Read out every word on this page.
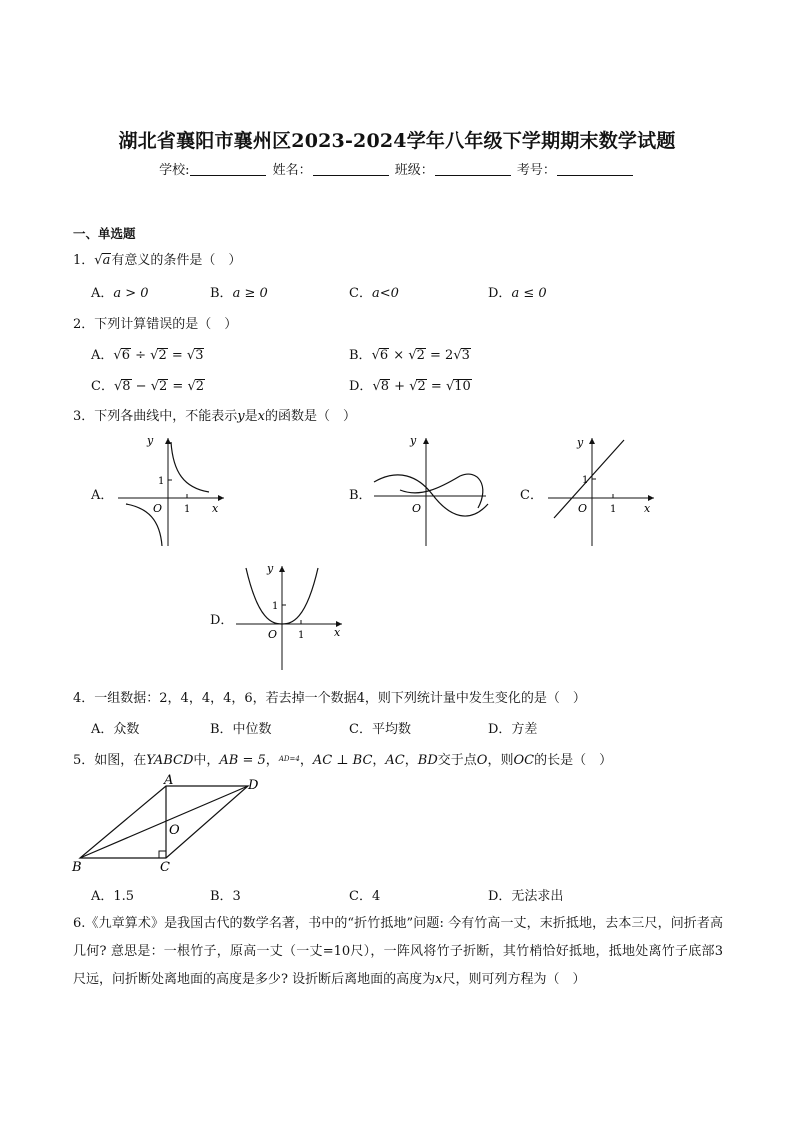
湖北省襄阳市襄州区2023-2024学年八年级下学期期末数学试题
学校:	姓名：	班级：	考号：
一、单选题
1．√a有意义的条件是（　）
A．a > 0	B．a ≥ 0	C．a<0	D．a ≤ 0
2．下列计算错误的是（　）
A．√6 ÷ √2 = √3	B．√6 × √2 = 2√3
C．√8 − √2 = √2	D．√8 + √2 = √10
3．下列各曲线中，不能表示y是x的函数是（　）
A．
y
x
O 1
1
B．
y
O
C．
y
x
O 1
1
D．
y
x
O 1
1
4．一组数据：2，4，4，4，6，若去掉一个数据4，则下列统计量中发生变化的是（　）
A．众数	B．中位数	C．平均数	D．方差
5．如图，在YABCD中，AB = 5，$^{AD=4}$，AC ⊥ BC，AC，BD交于点O，则OC的长是（　）
A	D
B	C
O
A．1.5	B．3	C．4	D．无法求出
6.《九章算术》是我国古代的数学名著，书中的“折竹抵地”问题: 今有竹高一丈，末折抵地，去本三尺，问折者高几何? 意思是：一根竹子，原高一丈（一丈=10尺），一阵风将竹子折断，其竹梢恰好抵地，抵地处离竹子底部3尺远，问折断处离地面的高度是多少? 设折断后离地面的高度为x尺，则可列方程为（　）
